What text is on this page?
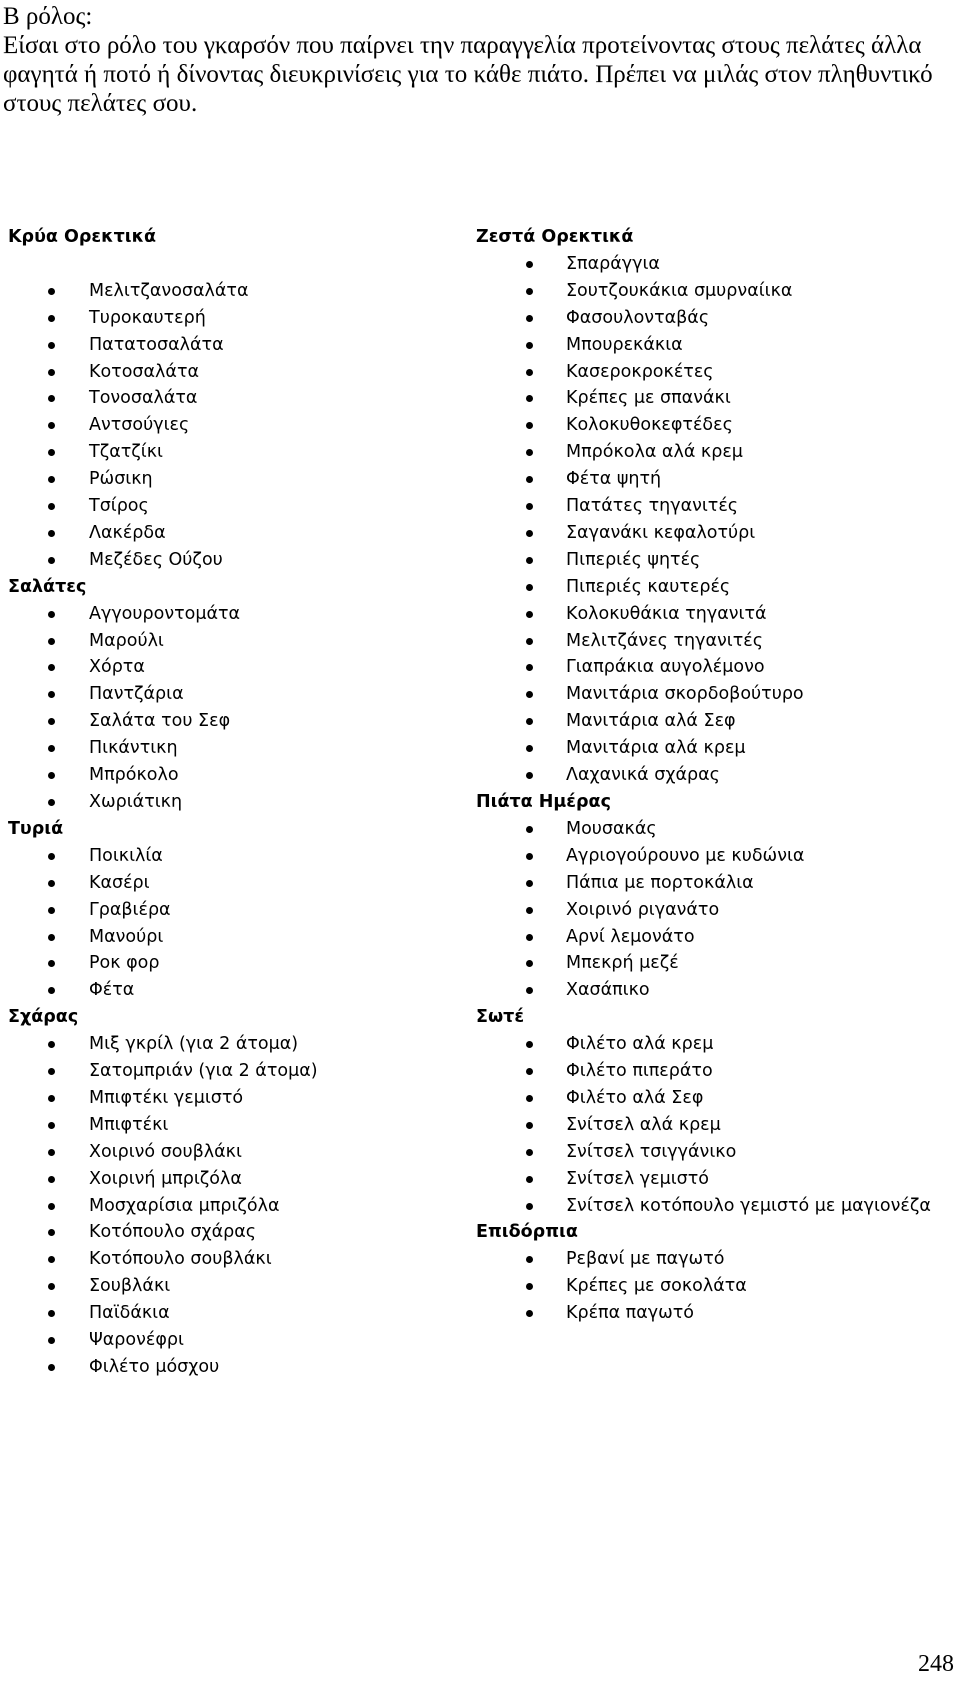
Β ρόλος:

Είσαι στο ρόλο του γκαρσόν που παίρνει την παραγγελία προτείνοντας στους πελάτες άλλα φαγητά ή ποτό ή δίνοντας διευκρινίσεις για το κάθε πιάτο. Πρέπει να μιλάς στον πληθυντικό στους πελάτες σου.

Κρύα Ορεκτικά
Μελιτζανοσαλάτα
Τυροκαυτερή
Πατατοσαλάτα
Κοτοσαλάτα
Τονοσαλάτα
Αντσούγιες
Τζατζίκι
Ρώσικη
Τσίρος
Λακέρδα
Μεζέδες Ούζου
Σαλάτες
Αγγουροντομάτα
Μαρούλι
Χόρτα
Παντζάρια
Σαλάτα του Σεφ
Πικάντικη
Μπρόκολο
Χωριάτικη
Τυριά
Ποικιλία
Κασέρι
Γραβιέρα
Μανούρι
Ροκ φορ
Φέτα
Σχάρας
Μιξ γκρίλ (για 2 άτομα)
Σατομπριάν (για 2 άτομα)
Μπιφτέκι γεμιστό
Μπιφτέκι
Χοιρινό σουβλάκι
Χοιρινή μπριζόλα
Μοσχαρίσια μπριζόλα
Κοτόπουλο σχάρας
Κοτόπουλο σουβλάκι
Σουβλάκι
Παϊδάκια
Ψαρονέφρι
Φιλέτο μόσχου
Ζεστά Ορεκτικά
Σπαράγγια
Σουτζουκάκια σμυρναίικα
Φασουλονταβάς
Μπουρεκάκια
Κασεροκροκέτες
Κρέπες με σπανάκι
Κολοκυθοκεφτέδες
Μπρόκολα αλά κρεμ
Φέτα ψητή
Πατάτες τηγανιτές
Σαγανάκι κεφαλοτύρι
Πιπεριές ψητές
Πιπεριές καυτερές
Κολοκυθάκια τηγανιτά
Μελιτζάνες τηγανιτές
Γιαπράκια αυγολέμονο
Μανιτάρια σκορδοβούτυρο
Μανιτάρια αλά Σεφ
Μανιτάρια αλά κρεμ
Λαχανικά σχάρας
Πιάτα Ημέρας
Μουσακάς
Αγριογούρουνο με κυδώνια
Πάπια με πορτοκάλια
Χοιρινό ριγανάτο
Αρνί λεμονάτο
Μπεκρή μεζέ
Χασάπικο
Σωτέ
Φιλέτο αλά κρεμ
Φιλέτο πιπεράτο
Φιλέτο αλά Σεφ
Σνίτσελ αλά κρεμ
Σνίτσελ τσιγγάνικο
Σνίτσελ γεμιστό
Σνίτσελ κοτόπουλο γεμιστό με μαγιονέζα
Επιδόρπια
Ρεβανί με παγωτό
Κρέπες με σοκολάτα
Κρέπα παγωτό
248
